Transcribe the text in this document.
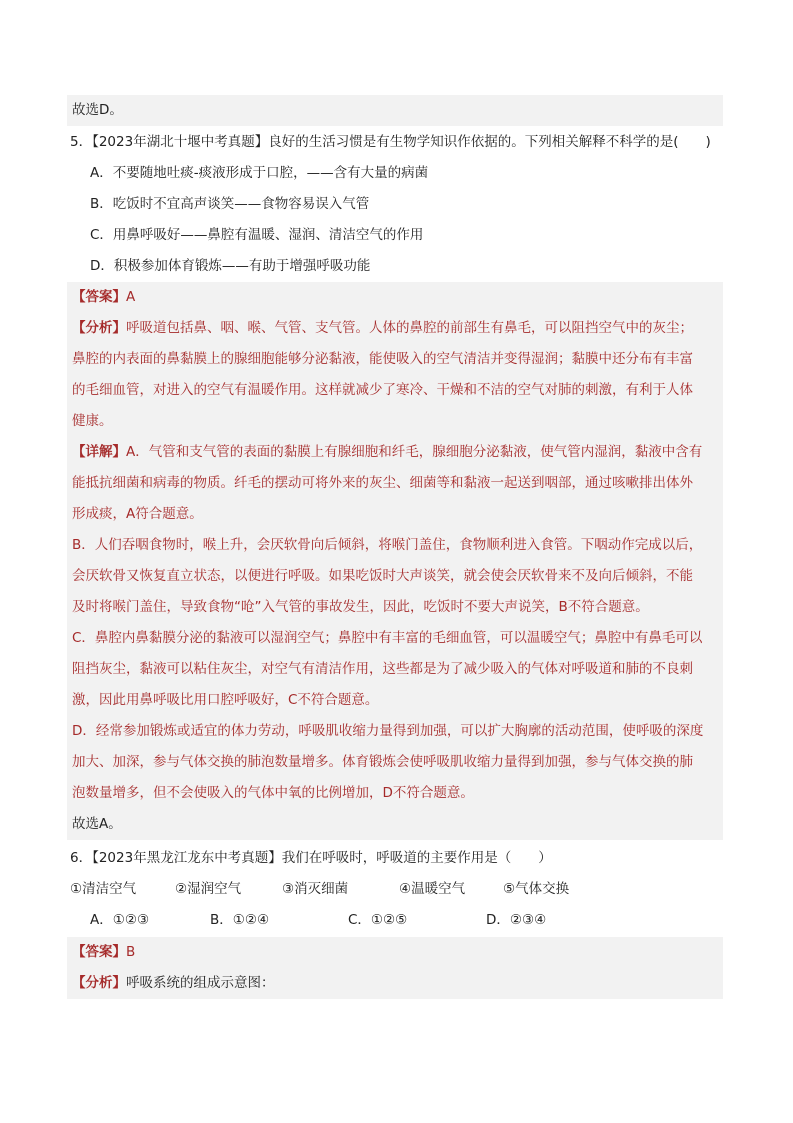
故选D。
5．【2023年湖北十堰中考真题】良好的生活习惯是有生物学知识作依据的。下列相关解释不科学的是(　　)
A．不要随地吐痰-痰液形成于口腔，——含有大量的病菌
B．吃饭时不宜高声谈笑——食物容易误入气管
C．用鼻呼吸好——鼻腔有温暖、湿润、清洁空气的作用
D．积极参加体育锻炼——有助于增强呼吸功能
【答案】A
【分析】呼吸道包括鼻、咽、喉、气管、支气管。人体的鼻腔的前部生有鼻毛，可以阻挡空气中的灰尘；
鼻腔的内表面的鼻黏膜上的腺细胞能够分泌黏液，能使吸入的空气清洁并变得湿润；黏膜中还分布有丰富
的毛细血管，对进入的空气有温暖作用。这样就减少了寒冷、干燥和不洁的空气对肺的刺激，有利于人体
健康。
【详解】A．气管和支气管的表面的黏膜上有腺细胞和纤毛，腺细胞分泌黏液，使气管内湿润，黏液中含有
能抵抗细菌和病毒的物质。纤毛的摆动可将外来的灰尘、细菌等和黏液一起送到咽部，通过咳嗽排出体外
形成痰，A符合题意。
B．人们吞咽食物时，喉上升，会厌软骨向后倾斜，将喉门盖住，食物顺利进入食管。下咽动作完成以后，
会厌软骨又恢复直立状态，以便进行呼吸。如果吃饭时大声谈笑，就会使会厌软骨来不及向后倾斜，不能
及时将喉门盖住，导致食物“呛”入气管的事故发生，因此，吃饭时不要大声说笑，B不符合题意。
C．鼻腔内鼻黏膜分泌的黏液可以湿润空气；鼻腔中有丰富的毛细血管，可以温暖空气；鼻腔中有鼻毛可以
阻挡灰尘，黏液可以粘住灰尘，对空气有清洁作用，这些都是为了减少吸入的气体对呼吸道和肺的不良刺
激，因此用鼻呼吸比用口腔呼吸好，C不符合题意。
D．经常参加锻炼或适宜的体力劳动，呼吸肌收缩力量得到加强，可以扩大胸廓的活动范围，使呼吸的深度
加大、加深，参与气体交换的肺泡数量增多。体育锻炼会使呼吸肌收缩力量得到加强，参与气体交换的肺
泡数量增多，但不会使吸入的气体中氧的比例增加，D不符合题意。
故选A。
6．【2023年黑龙江龙东中考真题】我们在呼吸时，呼吸道的主要作用是（　　）
①清洁空气	②湿润空气	③消灭细菌	④温暖空气	⑤气体交换
A．①②③	B．①②④	C．①②⑤	D．②③④
【答案】B
【分析】呼吸系统的组成示意图：
